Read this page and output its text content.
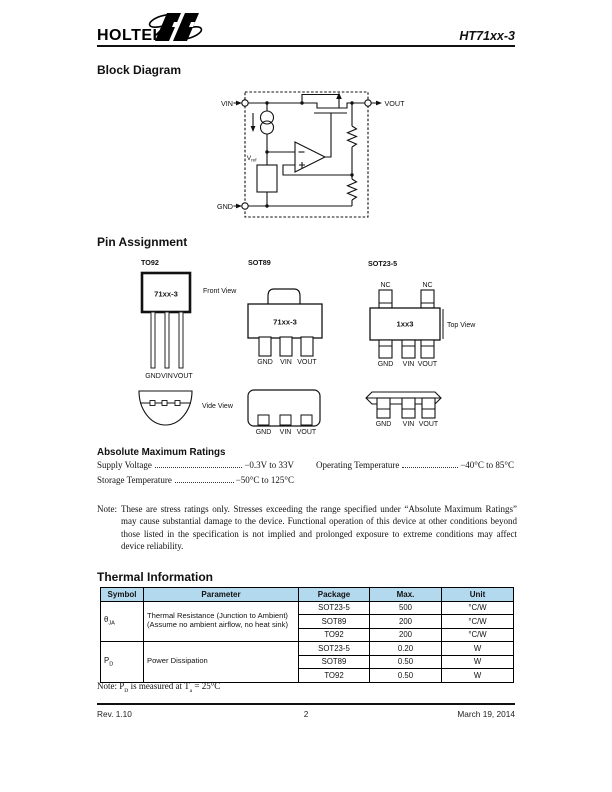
HOLTEK	HT71xx-3
Block Diagram
VIN	VOUT
GND
$V_{ref}$
Pin Assignment
TO92
71xx-3	Front View
GND VIN VOUT
Vide View
SOT89
71xx-3
GND VIN VOUT
GND VIN VOUT
SOT23-5
NC	NC
1xx3	Top View
GND VIN VOUT
GND VIN VOUT
Absolute Maximum Ratings
Supply Voltage	−0.3V to 33V
Storage Temperature	−50°C to 125°C
Operating Temperature	−40°C to 85°C
Note: These are stress ratings only. Stresses exceeding the range specified under “Absolute Maximum Ratings” may cause substantial damage to the device. Functional operation of this device at other conditions beyond those listed in the specification is not implied and prolonged exposure to extreme conditions may affect device reliability.
Thermal Information
Symbol	Parameter	Package	Max.	Unit
$\theta_{JA}$	Thermal Resistance (Junction to Ambient)
(Assume no ambient airflow, no heat sink)	SOT23-5	500	°C/W
		SOT89	200	°C/W
		TO92	200	°C/W
$P_D$	Power Dissipation	SOT23-5	0.20	W
		SOT89	0.50	W
		TO92	0.50	W
Note: $P_D$ is measured at $T_a = 25^\circ C$
Rev. 1.10	2	March 19, 2014
